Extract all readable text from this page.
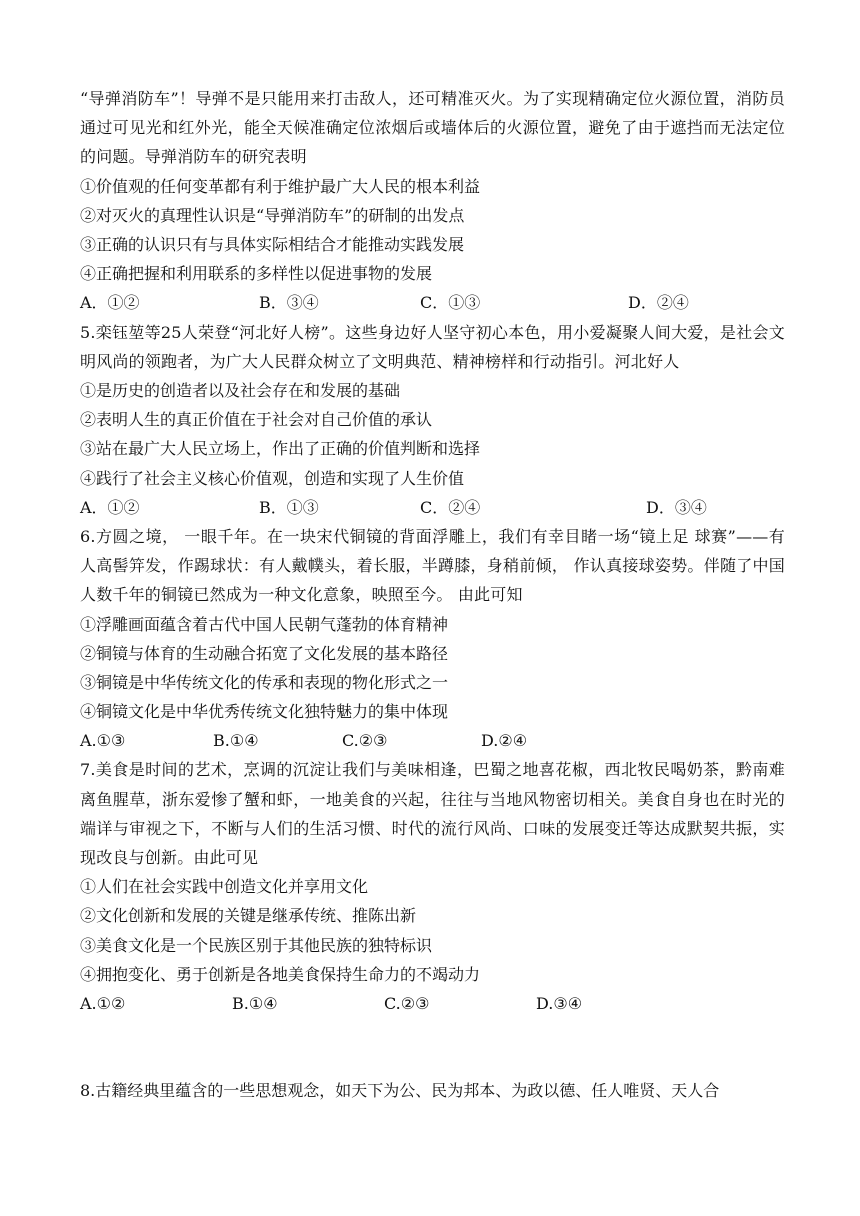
“导弹消防车”！导弹不是只能用来打击敌人，还可精准灭火。为了实现精确定位火源位置，消防员通过可见光和红外光，能全天候准确定位浓烟后或墙体后的火源位置，避免了由于遮挡而无法定位的问题。导弹消防车的研究表明
①价值观的任何变革都有利于维护最广大人民的根本利益
②对灭火的真理性认识是“导弹消防车”的研制的出发点
③正确的认识只有与具体实际相结合才能推动实践发展
④正确把握和利用联系的多样性以促进事物的发展
A．①②	B．③④	C．①③	D．②④
5.栾钰堃等25人荣登“河北好人榜”。这些身边好人坚守初心本色，用小爱凝聚人间大爱，是社会文明风尚的领跑者，为广大人民群众树立了文明典范、精神榜样和行动指引。河北好人
①是历史的创造者以及社会存在和发展的基础
②表明人生的真正价值在于社会对自己价值的承认
③站在最广大人民立场上，作出了正确的价值判断和选择
④践行了社会主义核心价值观，创造和实现了人生价值
A．①②	B．①③	C．②④	D．③④
6.方圆之境， 一眼千年。在一块宋代铜镜的背面浮雕上，我们有幸目睹一场“镜上足 球赛”——有人高髻笄发，作踢球状：有人戴幞头，着长服，半蹲膝，身稍前倾， 作认真接球姿势。伴随了中国人数千年的铜镜已然成为一种文化意象，映照至今。 由此可知
①浮雕画面蕴含着古代中国人民朝气蓬勃的体育精神
②铜镜与体育的生动融合拓宽了文化发展的基本路径
③铜镜是中华传统文化的传承和表现的物化形式之一
④铜镜文化是中华优秀传统文化独特魅力的集中体现
A.①③	B.①④	C.②③	D.②④
7.美食是时间的艺术，烹调的沉淀让我们与美味相逢，巴蜀之地喜花椒，西北牧民喝奶茶，黔南难离鱼腥草，浙东爱惨了蟹和虾，一地美食的兴起，往往与当地风物密切相关。美食自身也在时光的端详与审视之下，不断与人们的生活习惯、时代的流行风尚、口味的发展变迁等达成默契共振，实现改良与创新。由此可见
①人们在社会实践中创造文化并享用文化
②文化创新和发展的关键是继承传统、推陈出新
③美食文化是一个民族区别于其他民族的独特标识
④拥抱变化、勇于创新是各地美食保持生命力的不竭动力
A.①②	B.①④	C.②③	D.③④
8.古籍经典里蕴含的一些思想观念，如天下为公、民为邦本、为政以德、任人唯贤、天人合
